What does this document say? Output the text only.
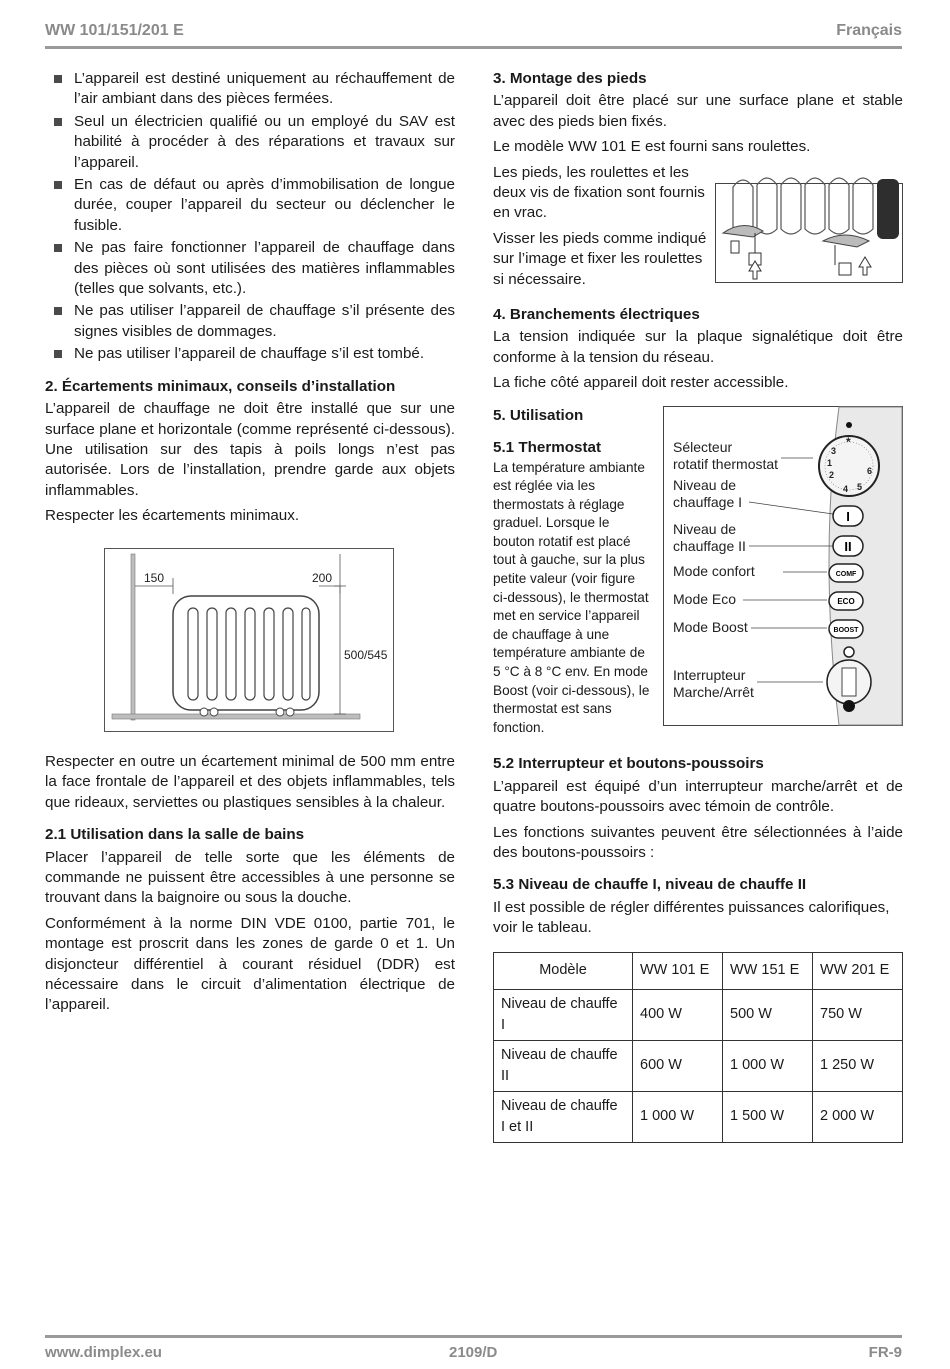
WW 101/151/201 E	Français
L’appareil est destiné uniquement au réchauffement de l’air ambiant dans des pièces fermées.
Seul un électricien qualifié ou un employé du SAV est habilité à procéder à des réparations et travaux sur l’appareil.
En cas de défaut ou après d’immobilisation de longue durée, couper l’appareil du secteur ou déclencher le fusible.
Ne pas faire fonctionner l’appareil de chauffage dans des pièces où sont utilisées des matières inflammables (telles que solvants, etc.).
Ne pas utiliser l’appareil de chauffage s’il présente des signes visibles de dommages.
Ne pas utiliser l’appareil de chauffage s’il est tombé.
2. Écartements minimaux, conseils d’installation

L’appareil de chauffage ne doit être installé que sur une surface plane et horizontale (comme représenté ci-dessous). Une utilisation sur des tapis à poils longs n’est pas autorisée. Lors de l’installation, prendre garde aux objets inflammables.

Respecter les écartements minimaux.

150	200
500/545

Respecter en outre un écartement minimal de 500 mm entre la face frontale de l’appareil et des objets inflammables, tels que rideaux, serviettes ou plastiques sensibles à la chaleur.

2.1 Utilisation dans la salle de bains

Placer l’appareil de telle sorte que les éléments de commande ne puissent être accessibles à une personne se trouvant dans la baignoire ou sous la douche.

Conformément à la norme DIN VDE 0100, partie 701, le montage est proscrit dans les zones de garde 0 et 1. Un disjoncteur différentiel à courant résiduel (DDR) est nécessaire dans le circuit d’alimentation électrique de l’appareil.

3. Montage des pieds

L’appareil doit être placé sur une surface plane et stable avec des pieds bien fixés.

Le modèle WW 101 E est fourni sans roulettes.

Les pieds, les roulettes et les deux vis de fixation sont fournis en vrac.

Visser les pieds comme indiqué sur l’image et fixer les roulettes si nécessaire.

4. Branchements électriques

La tension indiquée sur la plaque signalétique doit être conforme à la tension du réseau.

La fiche côté appareil doit rester accessible.

5. Utilisation
5.1 Thermostat

La température ambiante est réglée via les thermostats à réglage graduel. Lorsque le bouton rotatif est placé tout à gauche, sur la plus petite valeur (voir figure ci-dessous), le thermostat met en service l’appareil de chauffage à une température ambiante de 5 °C à 8 °C env. En mode Boost (voir ci-dessous), le thermostat est sans fonction.

Sélecteur
rotatif thermostat
Niveau de
chauffage I
Niveau de
chauffage II
Mode confort
Mode Eco
Mode Boost
Interrupteur
Marche/Arrêt
1
2
3
4 5
6
*
I
II
COMF
ECO
BOOST
5.2 Interrupteur et boutons-poussoirs

L’appareil est équipé d’un interrupteur marche/arrêt et de quatre boutons-poussoirs avec témoin de contrôle.

Les fonctions suivantes peuvent être sélectionnées à l’aide des boutons-poussoirs :

5.3 Niveau de chauffe I, niveau de chauffe II

Il est possible de régler différentes puissances calorifiques, voir le tableau.

Modèle	WW 101 E	WW 151 E	WW 201 E
Niveau de chauffe I	400 W	500 W	750 W
Niveau de chauffe II	600 W	1 000 W	1 250 W
Niveau de chauffe I et II	1 000 W	1 500 W	2 000 W
www.dimplex.eu	2109/D	FR-9
